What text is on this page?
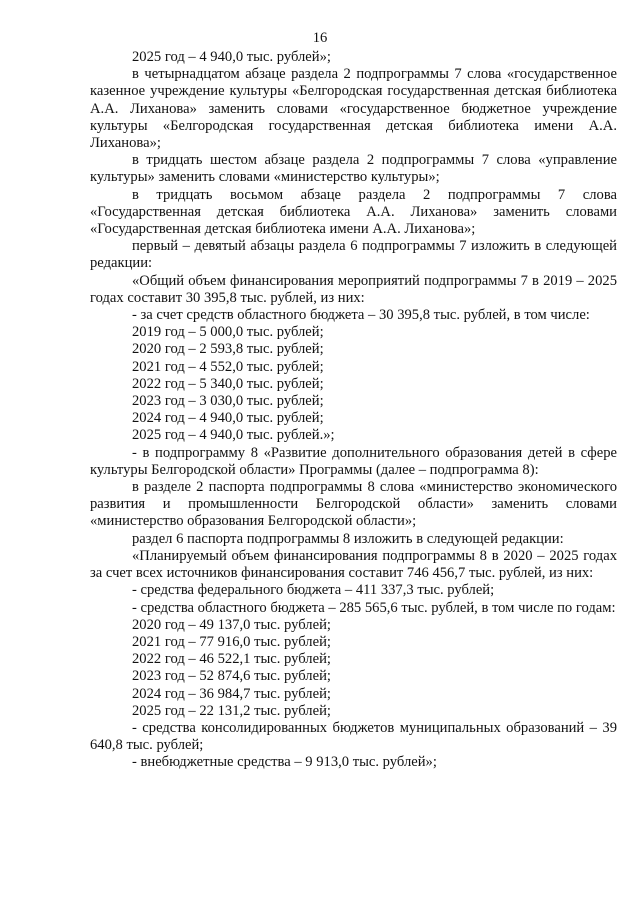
16

2025 год – 4 940,0 тыс. рублей»;

в четырнадцатом абзаце раздела 2 подпрограммы 7 слова «государственное казенное учреждение культуры «Белгородская государственная детская библиотека А.А. Лиханова» заменить словами «государственное бюджетное учреждение культуры «Белгородская государственная детская библиотека имени А.А. Лиханова»;

в тридцать шестом абзаце раздела 2 подпрограммы 7 слова «управление культуры» заменить словами «министерство культуры»;

в тридцать восьмом абзаце раздела 2 подпрограммы 7 слова «Государственная детская библиотека А.А. Лиханова» заменить словами «Государственная детская библиотека имени А.А. Лиханова»;

первый – девятый абзацы раздела 6 подпрограммы 7 изложить в следующей редакции:

«Общий объем финансирования мероприятий подпрограммы 7 в 2019 – 2025 годах составит 30 395,8 тыс. рублей, из них:

- за счет средств областного бюджета – 30 395,8 тыс. рублей, в том числе:

2019 год – 5 000,0 тыс. рублей;

2020 год – 2 593,8 тыс. рублей;

2021 год – 4 552,0 тыс. рублей;

2022 год – 5 340,0 тыс. рублей;

2023 год – 3 030,0 тыс. рублей;

2024 год – 4 940,0 тыс. рублей;

2025 год – 4 940,0 тыс. рублей.»;

- в подпрограмму 8 «Развитие дополнительного образования детей в сфере культуры Белгородской области» Программы (далее – подпрограмма 8):

в разделе 2 паспорта подпрограммы 8 слова «министерство экономического развития и промышленности Белгородской области» заменить словами «министерство образования Белгородской области»;

раздел 6 паспорта подпрограммы 8 изложить в следующей редакции:

«Планируемый объем финансирования подпрограммы 8 в 2020 – 2025 годах за счет всех источников финансирования составит 746 456,7 тыс. рублей, из них:

- средства федерального бюджета – 411 337,3 тыс. рублей;

- средства областного бюджета – 285 565,6 тыс. рублей, в том числе по годам:

2020 год – 49 137,0 тыс. рублей;

2021 год – 77 916,0 тыс. рублей;

2022 год – 46 522,1 тыс. рублей;

2023 год – 52 874,6 тыс. рублей;

2024 год – 36 984,7 тыс. рублей;

2025 год – 22 131,2 тыс. рублей;

- средства консолидированных бюджетов муниципальных образований – 39 640,8 тыс. рублей;

- внебюджетные средства – 9 913,0 тыс. рублей»;
